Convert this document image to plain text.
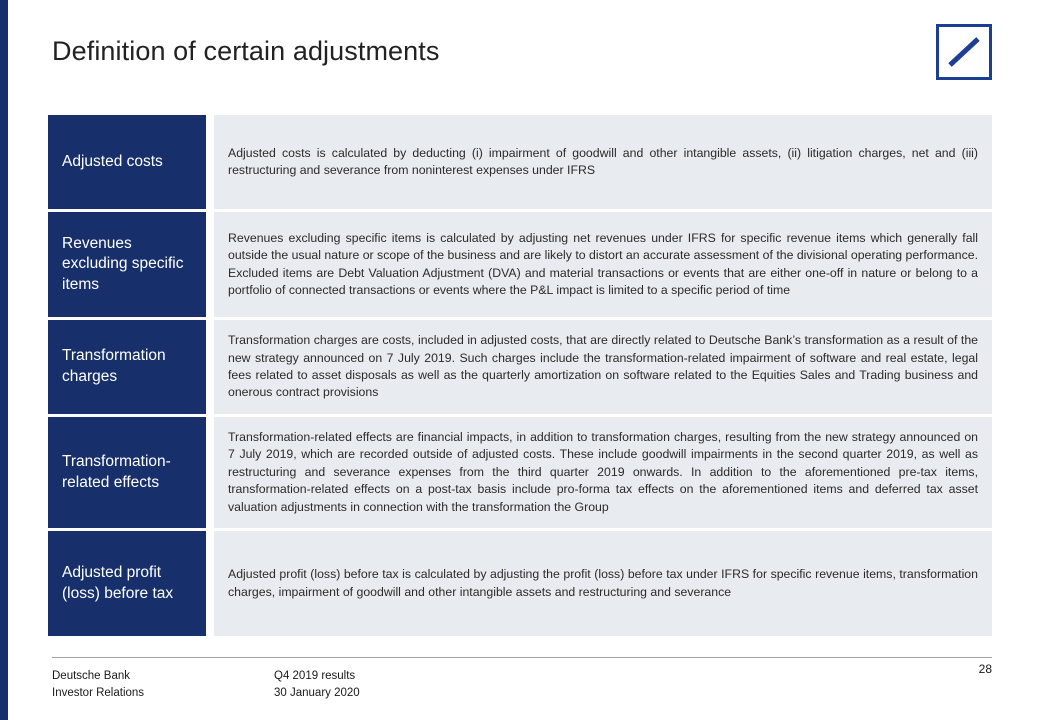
Definition of certain adjustments
Adjusted costs

Adjusted costs is calculated by deducting (i) impairment of goodwill and other intangible assets, (ii) litigation charges, net and (iii) restructuring and severance from noninterest expenses under IFRS

Revenues excluding specific items

Revenues excluding specific items is calculated by adjusting net revenues under IFRS for specific revenue items which generally fall outside the usual nature or scope of the business and are likely to distort an accurate assessment of the divisional operating performance. Excluded items are Debt Valuation Adjustment (DVA) and material transactions or events that are either one-off in nature or belong to a portfolio of connected transactions or events where the P&L impact is limited to a specific period of time

Transformation charges

Transformation charges are costs, included in adjusted costs, that are directly related to Deutsche Bank’s transformation as a result of the new strategy announced on 7 July 2019. Such charges include the transformation-related impairment of software and real estate, legal fees related to asset disposals as well as the quarterly amortization on software related to the Equities Sales and Trading business and onerous contract provisions

Transformation-related effects

Transformation-related effects are financial impacts, in addition to transformation charges, resulting from the new strategy announced on 7 July 2019, which are recorded outside of adjusted costs. These include goodwill impairments in the second quarter 2019, as well as restructuring and severance expenses from the third quarter 2019 onwards. In addition to the aforementioned pre-tax items, transformation-related effects on a post-tax basis include pro-forma tax effects on the aforementioned items and deferred tax asset valuation adjustments in connection with the transformation the Group

Adjusted profit (loss) before tax

Adjusted profit (loss) before tax is calculated by adjusting the profit (loss) before tax under IFRS for specific revenue items, transformation charges, impairment of goodwill and other intangible assets and restructuring and severance

Deutsche Bank
Investor Relations
Q4 2019 results
30 January 2020
28
